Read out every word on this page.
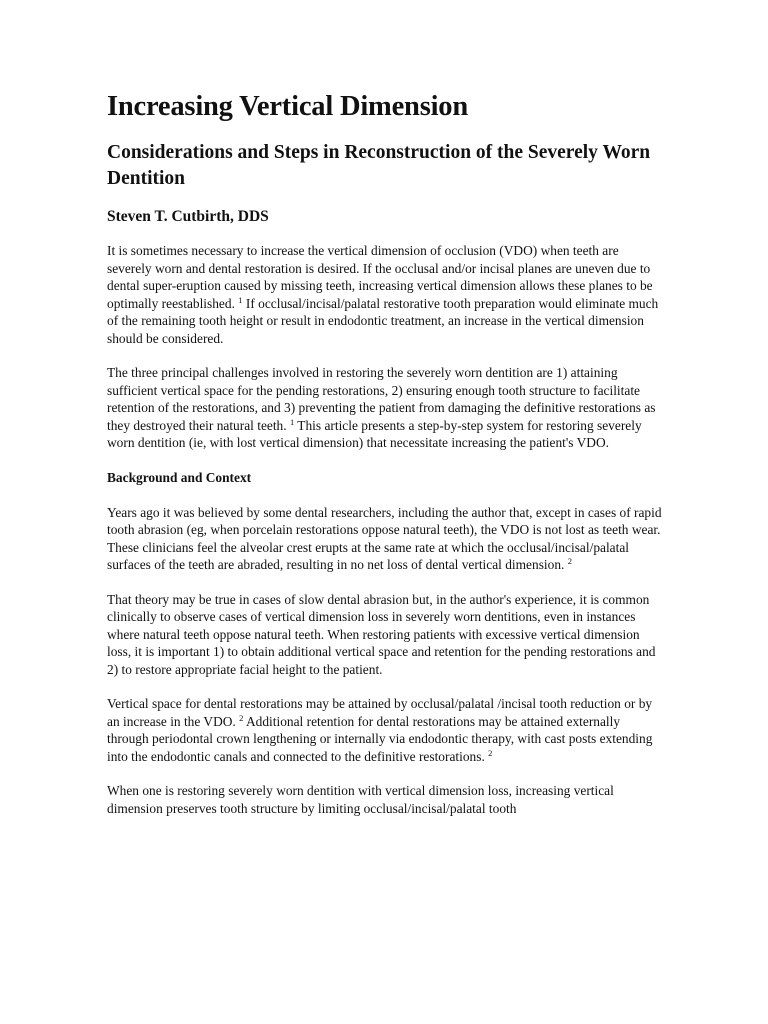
Increasing Vertical Dimension
Considerations and Steps in Reconstruction of the Severely Worn Dentition
Steven T. Cutbirth, DDS

It is sometimes necessary to increase the vertical dimension of occlusion (VDO) when teeth are severely worn and dental restoration is desired. If the occlusal and/or incisal planes are uneven due to dental super-eruption caused by missing teeth, increasing vertical dimension allows these planes to be optimally reestablished. $^1$ If occlusal/incisal/palatal restorative tooth preparation would eliminate much of the remaining tooth height or result in endodontic treatment, an increase in the vertical dimension should be considered.

The three principal challenges involved in restoring the severely worn dentition are 1) attaining sufficient vertical space for the pending restorations, 2) ensuring enough tooth structure to facilitate retention of the restorations, and 3) preventing the patient from damaging the definitive restorations as they destroyed their natural teeth. $^1$ This article presents a step-by-step system for restoring severely worn dentition (ie, with lost vertical dimension) that necessitate increasing the patient's VDO.

Background and Context

Years ago it was believed by some dental researchers, including the author that, except in cases of rapid tooth abrasion (eg, when porcelain restorations oppose natural teeth), the VDO is not lost as teeth wear. These clinicians feel the alveolar crest erupts at the same rate at which the occlusal/incisal/palatal surfaces of the teeth are abraded, resulting in no net loss of dental vertical dimension. $^2$

That theory may be true in cases of slow dental abrasion but, in the author's experience, it is common clinically to observe cases of vertical dimension loss in severely worn dentitions, even in instances where natural teeth oppose natural teeth. When restoring patients with excessive vertical dimension loss, it is important 1) to obtain additional vertical space and retention for the pending restorations and 2) to restore appropriate facial height to the patient.

Vertical space for dental restorations may be attained by occlusal/palatal /incisal tooth reduction or by an increase in the VDO. $^2$ Additional retention for dental restorations may be attained externally through periodontal crown lengthening or internally via endodontic therapy, with cast posts extending into the endodontic canals and connected to the definitive restorations. $^2$

When one is restoring severely worn dentition with vertical dimension loss, increasing vertical dimension preserves tooth structure by limiting occlusal/incisal/palatal tooth
